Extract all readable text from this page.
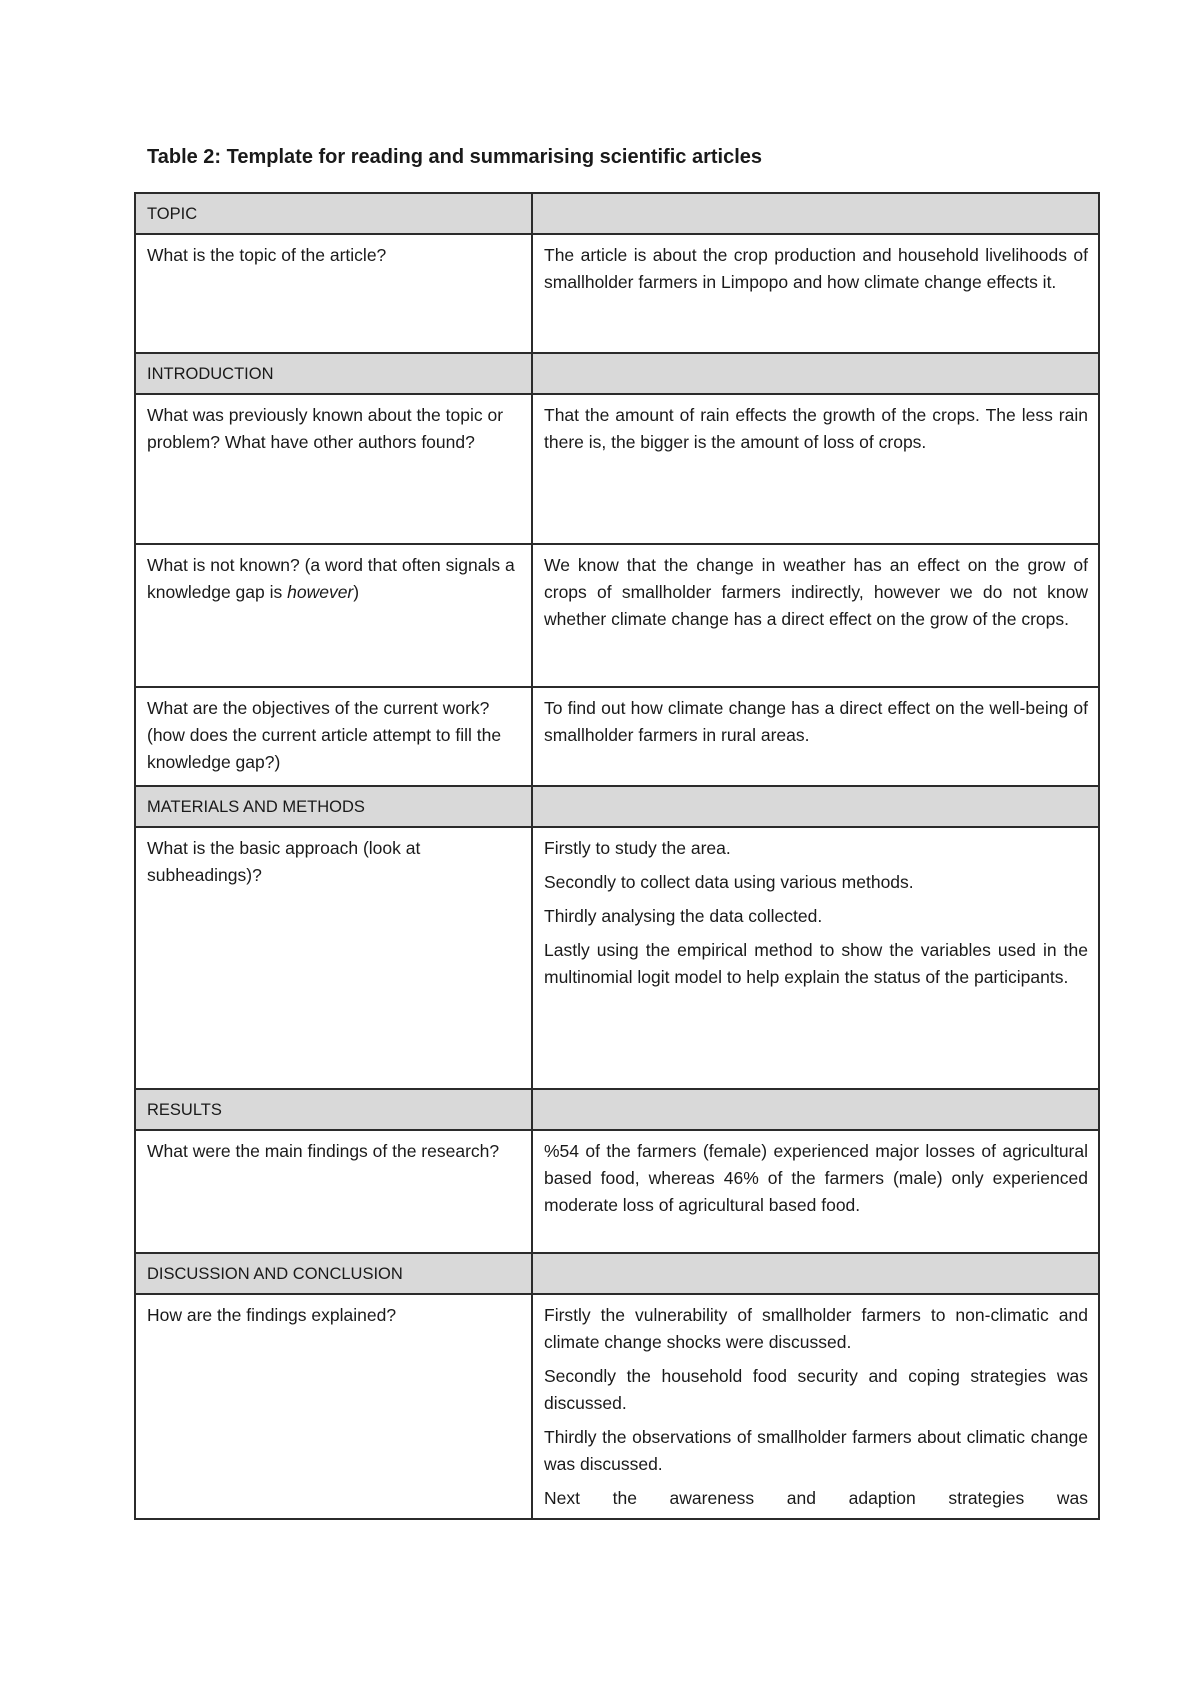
Table 2: Template for reading and summarising scientific articles
TOPIC	
What is the topic of the article?	The article is about the crop production and household livelihoods of smallholder farmers in Limpopo and how climate change effects it.

INTRODUCTION	
What was previously known about the topic or problem? What have other authors found?	That the amount of rain effects the growth of the crops. The less rain there is, the bigger is the amount of loss of crops.

What is not known? (a word that often signals a knowledge gap is however)	We know that the change in weather has an effect on the grow of crops of smallholder farmers indirectly, however we do not know whether climate change has a direct effect on the grow of the crops.

What are the objectives of the current work? (how does the current article attempt to fill the knowledge gap?)	To find out how climate change has a direct effect on the well-being of smallholder farmers in rural areas.

MATERIALS AND METHODS	
What is the basic approach (look at subheadings)?	Firstly to study the area.

Secondly to collect data using various methods.

Thirdly analysing the data collected.

Lastly using the empirical method to show the variables used in the multinomial logit model to help explain the status of the participants.

RESULTS	
What were the main findings of the research?	%54 of the farmers (female) experienced major losses of agricultural based food, whereas 46% of the farmers (male) only experienced moderate loss of agricultural based food.

DISCUSSION AND CONCLUSION	
How are the findings explained?	Firstly the vulnerability of smallholder farmers to non-climatic and climate change shocks were discussed.

Secondly the household food security and coping strategies was discussed.

Thirdly the observations of smallholder farmers about climatic change was discussed.

Next the awareness and adaption strategies was
